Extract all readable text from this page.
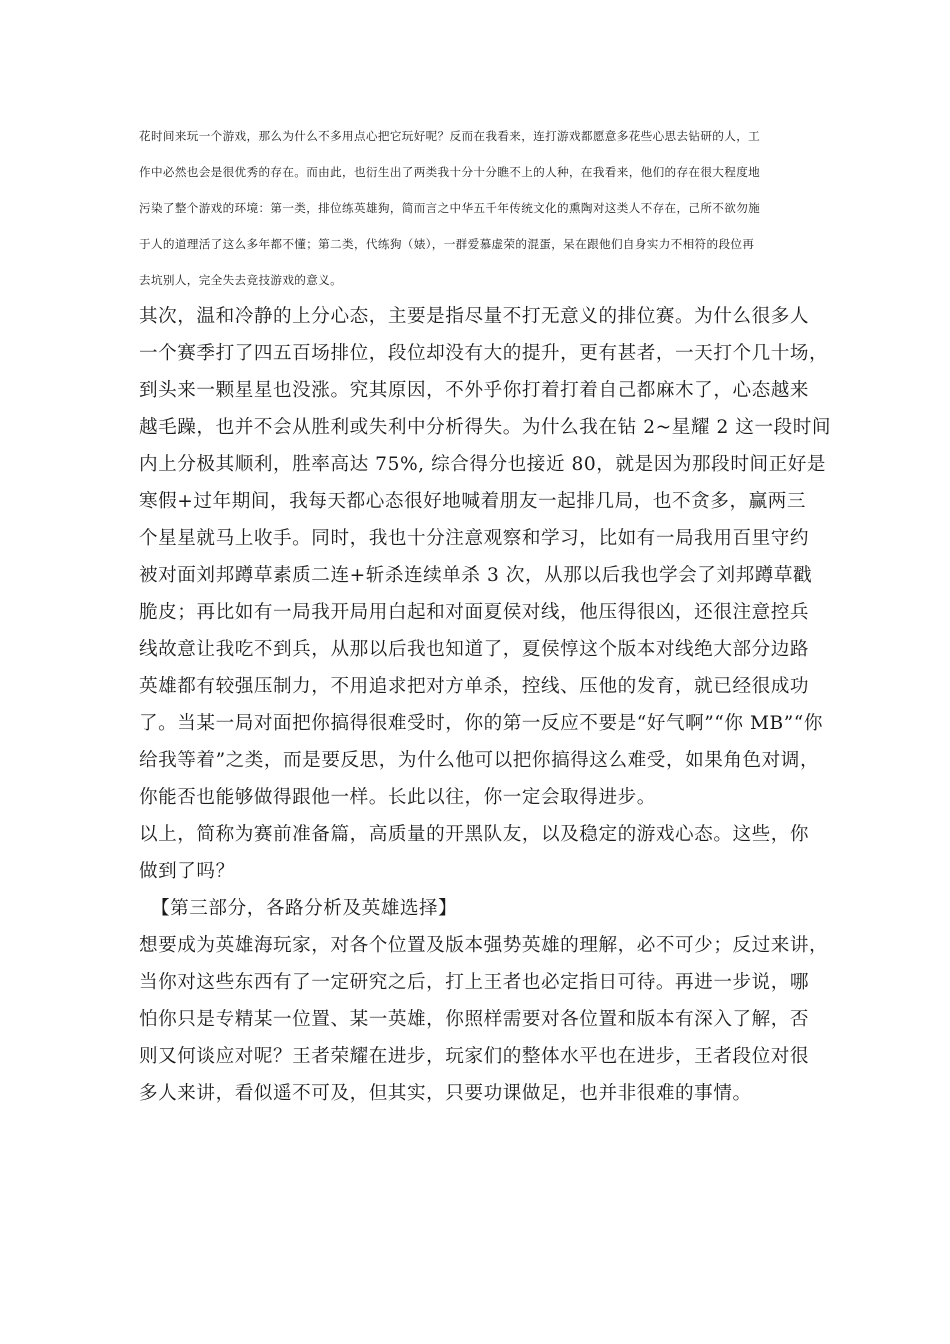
花时间来玩一个游戏，那么为什么不多用点心把它玩好呢？反而在我看来，连打游戏都愿意多花些心思去钻研的人，工
作中必然也会是很优秀的存在。而由此，也衍生出了两类我十分十分瞧不上的人种，在我看来，他们的存在很大程度地
污染了整个游戏的环境：第一类，排位练英雄狗，简而言之中华五千年传统文化的熏陶对这类人不存在，己所不欲勿施
于人的道理活了这么多年都不懂；第二类，代练狗（婊），一群爱慕虚荣的混蛋，呆在跟他们自身实力不相符的段位再
去坑别人，完全失去竞技游戏的意义。
其次，温和冷静的上分心态，主要是指尽量不打无意义的排位赛。为什么很多人
一个赛季打了四五百场排位，段位却没有大的提升，更有甚者，一天打个几十场，
到头来一颗星星也没涨。究其原因，不外乎你打着打着自己都麻木了，心态越来
越毛躁，也并不会从胜利或失利中分析得失。为什么我在钻 2~星耀 2 这一段时间
内上分极其顺利，胜率高达 75%, 综合得分也接近 80，就是因为那段时间正好是
寒假+过年期间，我每天都心态很好地喊着朋友一起排几局，也不贪多，赢两三
个星星就马上收手。同时，我也十分注意观察和学习，比如有一局我用百里守约
被对面刘邦蹲草素质二连+斩杀连续单杀 3 次，从那以后我也学会了刘邦蹲草戳
脆皮；再比如有一局我开局用白起和对面夏侯对线，他压得很凶，还很注意控兵
线故意让我吃不到兵，从那以后我也知道了，夏侯惇这个版本对线绝大部分边路
英雄都有较强压制力，不用追求把对方单杀，控线、压他的发育，就已经很成功
了。当某一局对面把你搞得很难受时，你的第一反应不要是“好气啊”“你 MB”“你
给我等着”之类，而是要反思，为什么他可以把你搞得这么难受，如果角色对调，
你能否也能够做得跟他一样。长此以往，你一定会取得进步。
以上，简称为赛前准备篇，高质量的开黑队友，以及稳定的游戏心态。这些，你
做到了吗？
【第三部分，各路分析及英雄选择】
想要成为英雄海玩家，对各个位置及版本强势英雄的理解，必不可少；反过来讲，
当你对这些东西有了一定研究之后，打上王者也必定指日可待。再进一步说，哪
怕你只是专精某一位置、某一英雄，你照样需要对各位置和版本有深入了解，否
则又何谈应对呢？王者荣耀在进步，玩家们的整体水平也在进步，王者段位对很
多人来讲，看似遥不可及，但其实，只要功课做足，也并非很难的事情。
